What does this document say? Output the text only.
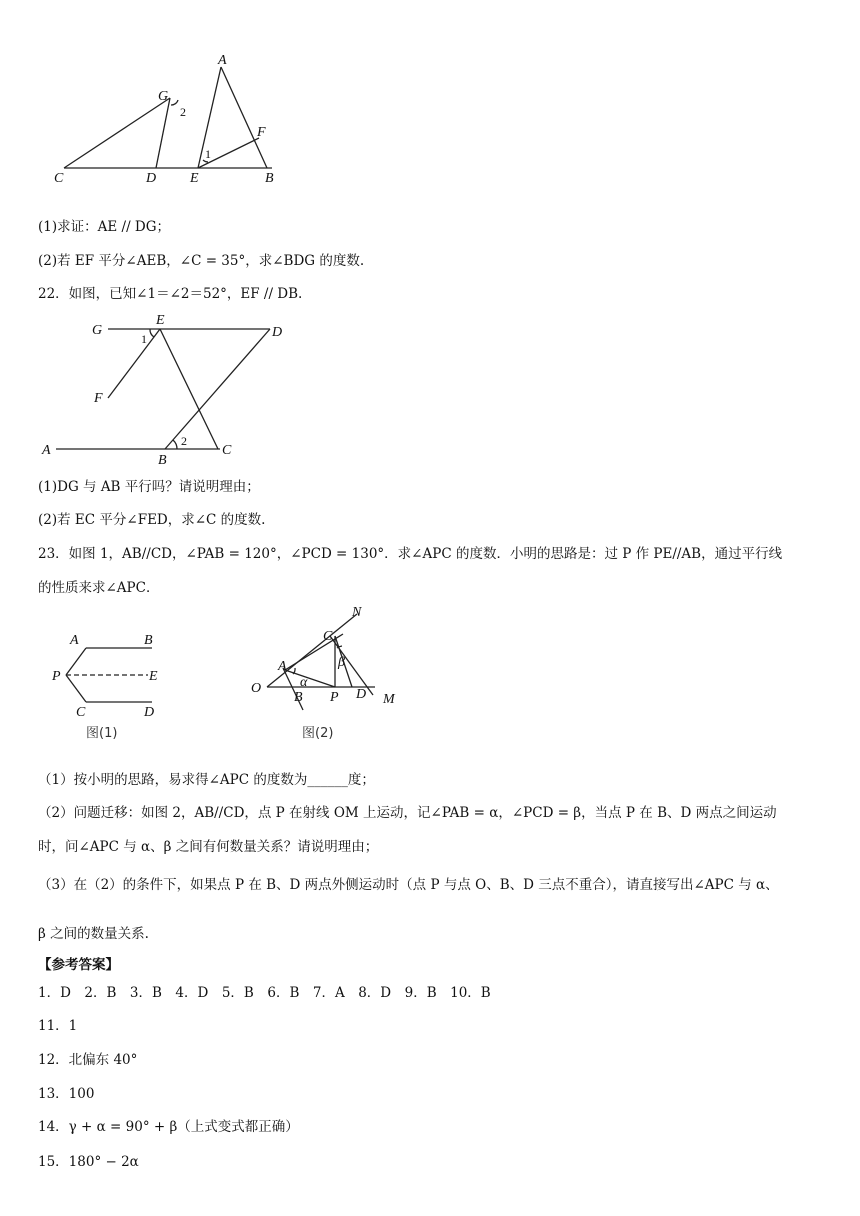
A
G
2
F
1
C	D E	B
(1)求证：AE // DG；
(2)若 EF 平分∠AEB，∠C = 35°，求∠BDG 的度数.
22．如图，已知∠1＝∠2＝52°，EF // DB.
G
E
D
1
F
A
2
C
B
(1)DG 与 AB 平行吗？请说明理由；
(2)若 EC 平分∠FED，求∠C 的度数.
23．如图 1，AB//CD，∠PAB = 120°，∠PCD = 130°．求∠APC 的度数．小明的思路是：过 P 作 PE//AB，通过平行线
的性质来求∠APC．
A	B
P	E
C	D
图(1)
N
C
β
A
α
O
B P D M
图(2)
（1）按小明的思路，易求得∠APC 的度数为______度；
（2）问题迁移：如图 2，AB//CD，点 P 在射线 OM 上运动，记∠PAB = α，∠PCD = β，当点 P 在 B、D 两点之间运动
时，问∠APC 与 α、β 之间有何数量关系？请说明理由；
（3）在（2）的条件下，如果点 P 在 B、D 两点外侧运动时（点 P 与点 O、B、D 三点不重合），请直接写出∠APC 与 α、
β 之间的数量关系.
【参考答案】
1．D　2．B　3．B　4．D　5．B　6．B　7．A　8．D　9．B　10．B
11．1
12．北偏东 40°
13．100
14．γ + α = 90° + β（上式变式都正确）
15．180° − 2α
